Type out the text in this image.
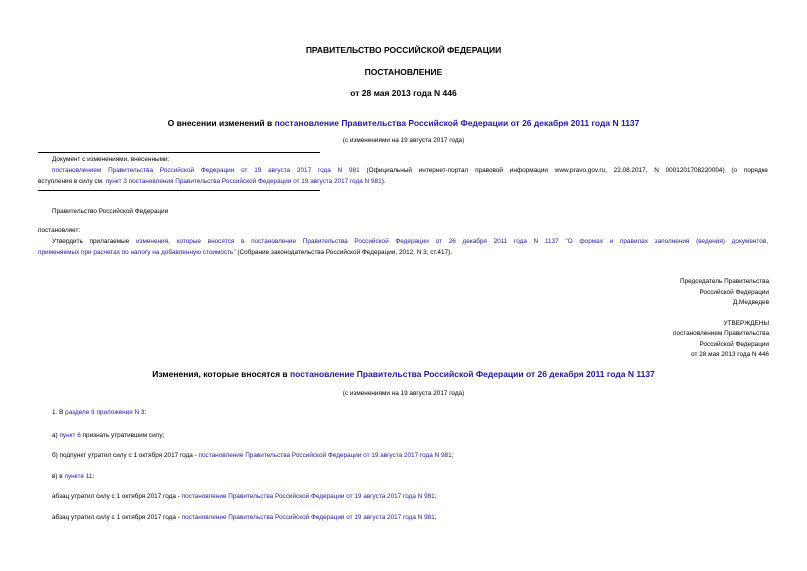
ПРАВИТЕЛЬСТВО РОССИЙСКОЙ ФЕДЕРАЦИИ
ПОСТАНОВЛЕНИЕ
от 28 мая 2013 года N 446
О внесении изменений в постановление Правительства Российской Федерации от 26 декабря 2011 года N 1137
(с изменениями на 19 августа 2017 года)
Документ с изменениями, внесенными:
постановлением Правительства Российской Федерации от 19 августа 2017 года N 981 (Официальный интернет-портал правовой информации www.pravo.gov.ru, 22.08.2017, N 0001201708220004) (о порядке
вступления в силу см. пункт 3 постановления Правительства Российской Федерации от 19 августа 2017 года N 981).
Правительство Российской Федерации
постановляет:
Утвердить прилагаемые изменения, которые вносятся в постановление Правительства Российской Федерации от 26 декабря 2011 года N 1137 "О формах и правилах заполнения (ведения) документов,
применяемых при расчетах по налогу на добавленную стоимость" (Собрание законодательства Российской Федерации, 2012, N 3, ст.417).
Председатель Правительства
Российской Федерации
Д.Медведев
УТВЕРЖДЕНЫ
постановлением Правительства
Российской Федерации
от 28 мая 2013 года N 446
Изменения, которые вносятся в постановление Правительства Российской Федерации от 26 декабря 2011 года N 1137
(с изменениями на 19 августа 2017 года)
1. В разделе II приложения N 3:
а) пункт 6 признать утратившим силу;
б) подпункт утратил силу с 1 октября 2017 года - постановление Правительства Российской Федерации от 19 августа 2017 года N 981;
в) в пункте 11:
абзац утратил силу с 1 октября 2017 года - постановление Правительства Российской Федерации от 19 августа 2017 года N 981;
абзац утратил силу с 1 октября 2017 года - постановление Правительства Российской Федерации от 19 августа 2017 года N 981;
